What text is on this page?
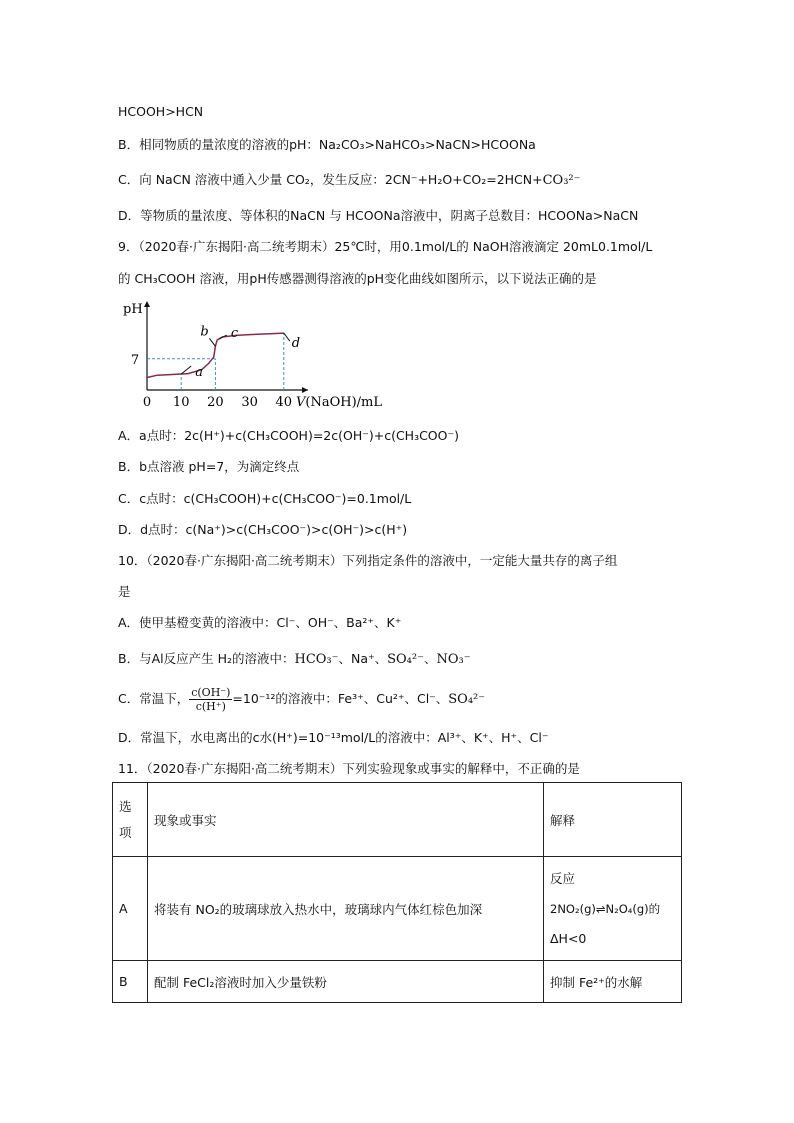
HCOOH>HCN
B．相同物质的量浓度的溶液的pH：Na₂CO₃>NaHCO₃>NaCN>HCOONa
C．向 NaCN 溶液中通入少量 CO₂，发生反应：2CN⁻+H₂O+CO₂=2HCN+CO₃²⁻
D．等物质的量浓度、等体积的NaCN 与 HCOONa溶液中，阴离子总数目：HCOONa>NaCN
9．（2020春·广东揭阳·高二统考期末）25℃时，用0.1mol/L的 NaOH溶液滴定 20mL0.1mol/L
的 CH₃COOH 溶液，用pH传感器测得溶液的pH变化曲线如图所示，以下说法正确的是
pH
0 10 20 30 40 V(NaOH)/mL
7
a
b c
d
A．a点时：2c(H⁺)+c(CH₃COOH)=2c(OH⁻)+c(CH₃COO⁻)
B．b点溶液 pH=7，为滴定终点
C．c点时：c(CH₃COOH)+c(CH₃COO⁻)=0.1mol/L
D．d点时：c(Na⁺)>c(CH₃COO⁻)>c(OH⁻)>c(H⁺)
10．（2020春·广东揭阳·高二统考期末）下列指定条件的溶液中，一定能大量共存的离子组
是
A．使甲基橙变黄的溶液中：Cl⁻、OH⁻、Ba²⁺、K⁺
B．与Al反应产生 H₂的溶液中：HCO₃⁻、Na⁺、SO₄²⁻、NO₃⁻
C．常温下， $\frac{c(OH^-)}{c(H^+)} =10^{-12}$的溶液中：Fe³⁺、Cu²⁺、Cl⁻、SO₄²⁻
D．常温下，水电离出的c水(H⁺)=10⁻¹³mol/L的溶液中：Al³⁺、K⁺、H⁺、Cl⁻
11．（2020春·广东揭阳·高二统考期末）下列实验现象或事实的解释中，不正确的是
选
项	现象或事实	解释
A	将装有 NO₂的玻璃球放入热水中，玻璃球内气体红棕色加深	反应
2NO₂(g)⇌N₂O₄(g)的
ΔH<0

B	配制 FeCl₂溶液时加入少量铁粉	抑制 Fe²⁺的水解
